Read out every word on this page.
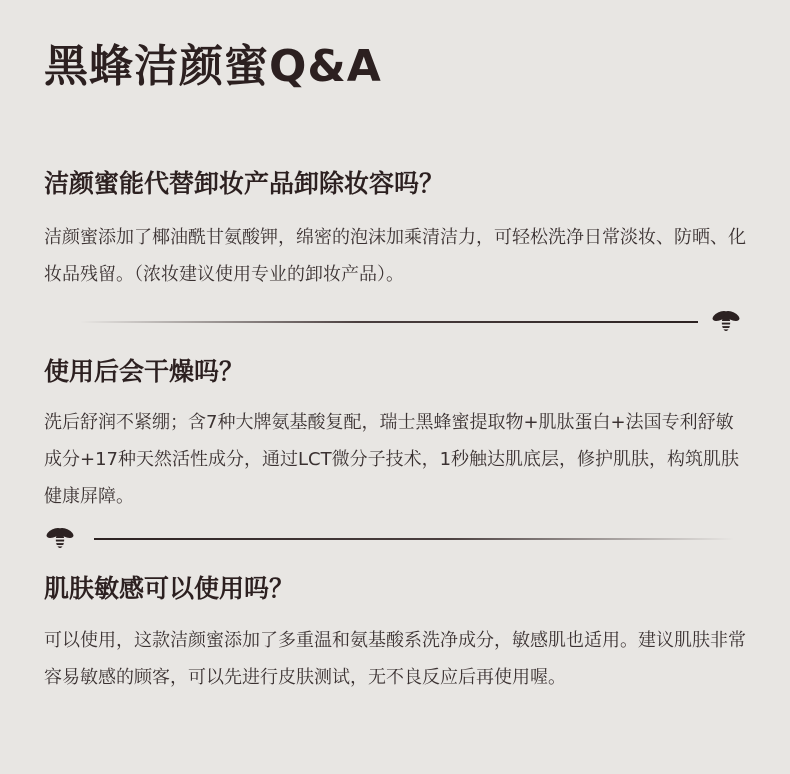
黑蜂洁颜蜜Q&A
洁颜蜜能代替卸妆产品卸除妆容吗？

洁颜蜜添加了椰油酰甘氨酸钾，绵密的泡沫加乘清洁力，可轻松洗净日常淡妆、防晒、化妆品残留。（浓妆建议使用专业的卸妆产品）。

使用后会干燥吗？

洗后舒润不紧绷；含7种大牌氨基酸复配，瑞士黑蜂蜜提取物+肌肽蛋白+法国专利舒敏成分+17种天然活性成分，通过LCT微分子技术，1秒触达肌底层，修护肌肤，构筑肌肤健康屏障。

肌肤敏感可以使用吗？

可以使用，这款洁颜蜜添加了多重温和氨基酸系洗净成分，敏感肌也适用。建议肌肤非常容易敏感的顾客，可以先进行皮肤测试，无不良反应后再使用喔。
